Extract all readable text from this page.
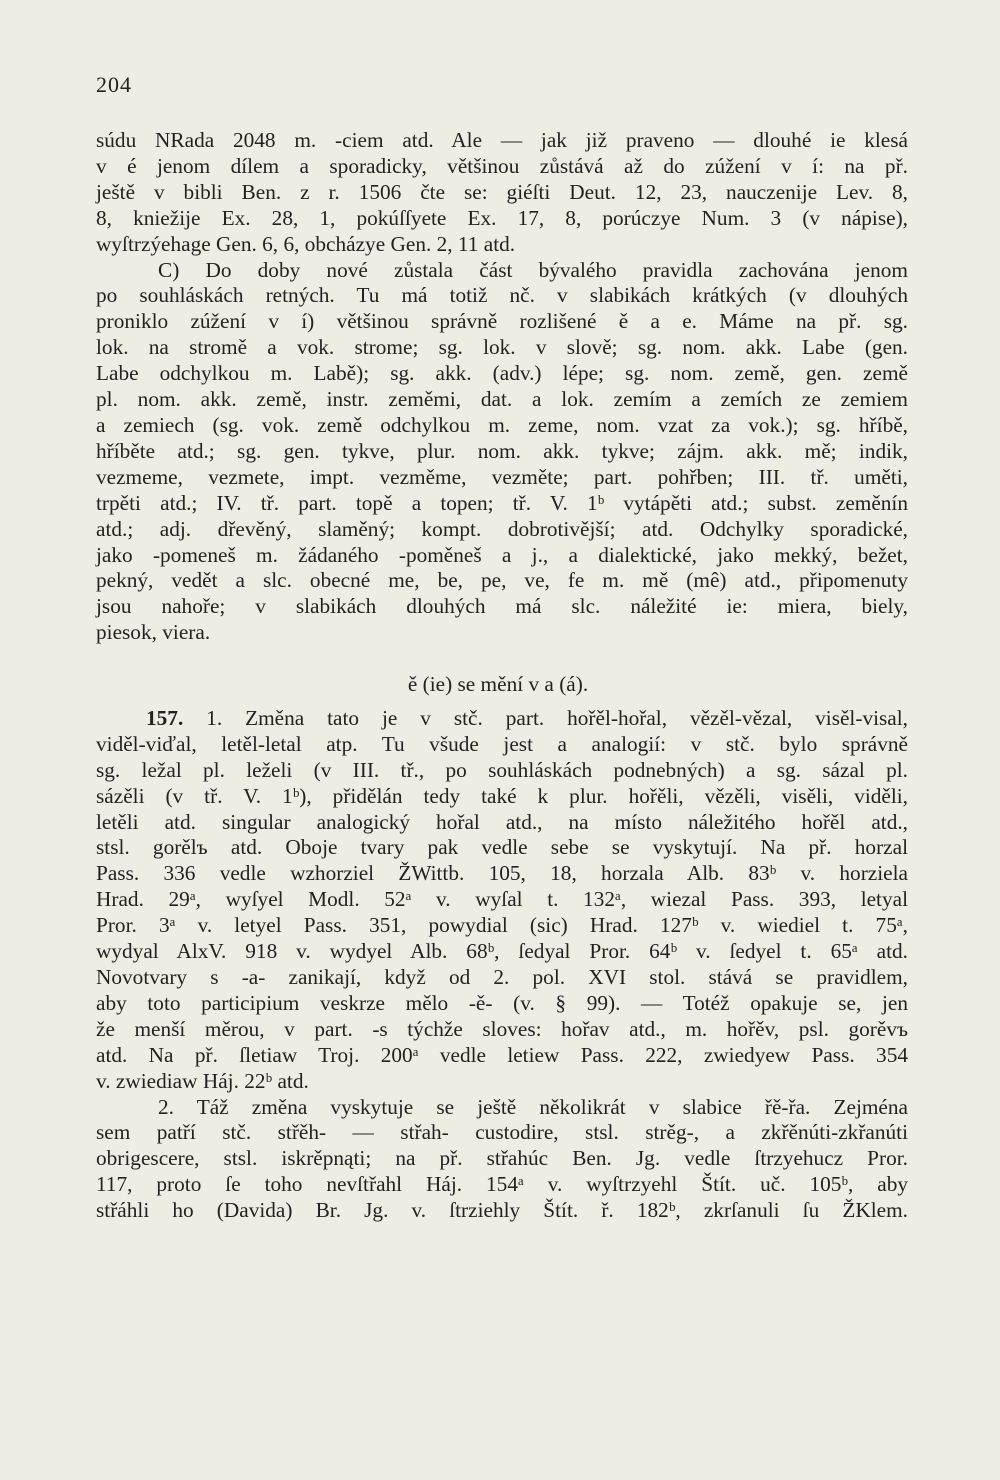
204
súdu NRada 2048 m. -ciem atd. Ale — jak již praveno — dlouhé ie klesá
v é jenom dílem a sporadicky, většinou zůstává až do zúžení v í: na př.
ještě v bibli Ben. z r. 1506 čte se: giéſti Deut. 12, 23, nauczenije Lev. 8,
8, kniežije Ex. 28, 1, pokúſſyete Ex. 17, 8, porúczye Num. 3 (v nápise),
wyſtrzýehage Gen. 6, 6, obcházye Gen. 2, 11 atd.
C) Do doby nové zůstala část bývalého pravidla zachována jenom
po souhláskách retných. Tu má totiž nč. v slabikách krátkých (v dlouhých
proniklo zúžení v í) většinou správně rozlišené ě a e. Máme na př. sg.
lok. na stromě a vok. strome; sg. lok. v slově; sg. nom. akk. Labe (gen.
Labe odchylkou m. Labě); sg. akk. (adv.) lépe; sg. nom. země, gen. země
pl. nom. akk. země, instr. zeměmi, dat. a lok. zemím a zemích ze zemiem
a zemiech (sg. vok. země odchylkou m. zeme, nom. vzat za vok.); sg. hříbě,
hříběte atd.; sg. gen. tykve, plur. nom. akk. tykve; zájm. akk. mě; indik,
vezmeme, vezmete, impt. vezměme, vezměte; part. pohřben; III. tř. uměti,
trpěti atd.; IV. tř. part. topě a topen; tř. V. 1ᵇ vytápěti atd.; subst. zeměnín
atd.; adj. dřevěný, slaměný; kompt. dobrotivější; atd. Odchylky sporadické,
jako -pomeneš m. žádaného -poměneš a j., a dialektické, jako mekký, bežet,
pekný, vedět a slc. obecné me, be, pe, ve, fe m. mě (mê) atd., připomenuty
jsou nahoře; v slabikách dlouhých má slc. náležité ie: miera, biely,
piesok, viera.
ě (ie) se mění v a (á).
157. 1. Změna tato je v stč. part. hořěl-hořal, vězěl-vězal, visěl-visal,
viděl-viďal, letěl-letal atp. Tu všude jest a analogií: v stč. bylo správně
sg. ležal pl. leželi (v III. tř., po souhláskách podnebných) a sg. sázal pl.
sázěli (v tř. V. 1ᵇ), přidělán tedy také k plur. hořěli, vězěli, visěli, viděli,
letěli atd. singular analogický hořal atd., na místo náležitého hořěl atd.,
stsl. gorělъ atd. Oboje tvary pak vedle sebe se vyskytují. Na př. horzal
Pass. 336 vedle wzhorziel ŽWittb. 105, 18, horzala Alb. 83ᵇ v. horziela
Hrad. 29ᵃ, wyſyel Modl. 52ᵃ v. wyſal t. 132ᵃ, wiezal Pass. 393, letyal
Pror. 3ᵃ v. letyel Pass. 351, powydial (sic) Hrad. 127ᵇ v. wiediel t. 75ᵃ,
wydyal AlxV. 918 v. wydyel Alb. 68ᵇ, ſedyal Pror. 64ᵇ v. ſedyel t. 65ᵃ atd.
Novotvary s -a- zanikají, když od 2. pol. XVI stol. stává se pravidlem,
aby toto participium veskrze mělo -ě- (v. § 99). — Totéž opakuje se, jen
že menší měrou, v part. -s týchže sloves: hořav atd., m. hořěv, psl. gorěvъ
atd. Na př. ſletiaw Troj. 200ᵃ vedle letiew Pass. 222, zwiedyew Pass. 354
v. zwiediaw Háj. 22ᵇ atd.
2. Táž změna vyskytuje se ještě několikrát v slabice řě-řa. Zejména
sem patří stč. střěh- — střah- custodire, stsl. strěg-, a zkřěnúti-zkřanúti
obrigescere, stsl. iskrěpnąti; na př. střahúc Ben. Jg. vedle ſtrzyehucz Pror.
117, proto ſe toho nevſtřahl Háj. 154ᵃ v. wyſtrzyehl Štít. uč. 105ᵇ, aby
střáhli ho (Davida) Br. Jg. v. ſtrziehly Štít. ř. 182ᵇ, zkrſanuli ſu ŽKlem.
